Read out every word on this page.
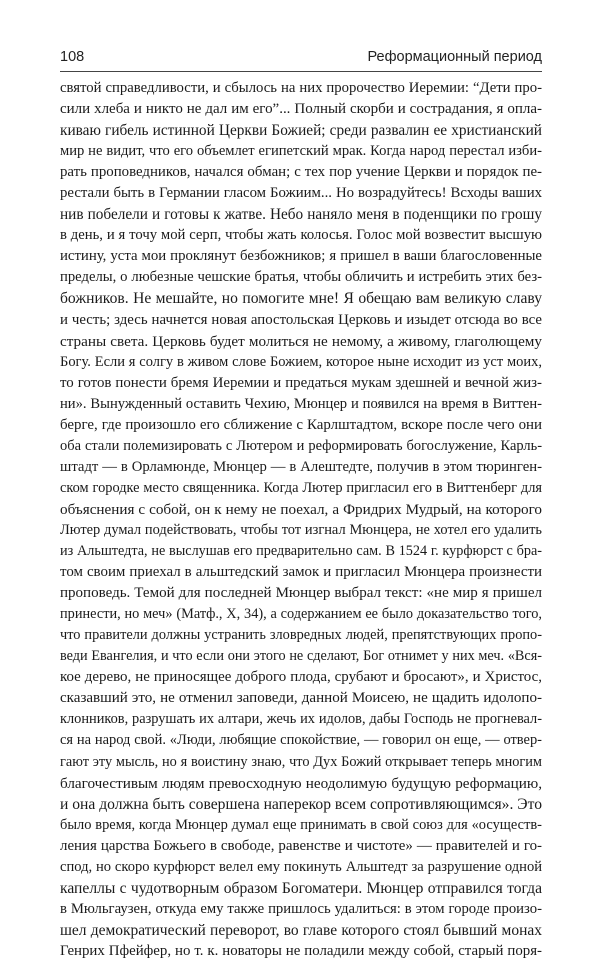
108	Реформационный период
святой справедливости, и сбылось на них пророчество Иеремии: “Дети про-
сили хлеба и никто не дал им его”... Полный скорби и сострадания, я опла-
киваю гибель истинной Церкви Божией; среди развалин ее христианский
мир не видит, что его объемлет египетский мрак. Когда народ перестал изби-
рать проповедников, начался обман; с тех пор учение Церкви и порядок пе-
рестали быть в Германии гласом Божиим... Но возрадуйтесь! Всходы ваших
нив побелели и готовы к жатве. Небо наняло меня в поденщики по грошу
в день, и я точу мой серп, чтобы жать колосья. Голос мой возвестит высшую
истину, уста мои проклянут безбожников; я пришел в ваши благословенные
пределы, о любезные чешские братья, чтобы обличить и истребить этих без-
божников. Не мешайте, но помогите мне! Я обещаю вам великую славу
и честь; здесь начнется новая апостольская Церковь и изыдет отсюда во все
страны света. Церковь будет молиться не немому, а живому, глаголющему
Богу. Если я солгу в живом слове Божием, которое ныне исходит из уст моих,
то готов понести бремя Иеремии и предаться мукам здешней и вечной жиз-
ни». Вынужденный оставить Чехию, Мюнцер и появился на время в Виттен-
берге, где произошло его сближение с Карлштадтом, вскоре после чего они
оба стали полемизировать с Лютером и реформировать богослужение, Карль-
штадт — в Орламюнде, Мюнцер — в Алештедте, получив в этом тюринген-
ском городке место священника. Когда Лютер пригласил его в Виттенберг для
объяснения с собой, он к нему не поехал, а Фридрих Мудрый, на которого
Лютер думал подействовать, чтобы тот изгнал Мюнцера, не хотел его удалить
из Альштедта, не выслушав его предварительно сам. В 1524 г. курфюрст с бра-
том своим приехал в альштедский замок и пригласил Мюнцера произнести
проповедь. Темой для последней Мюнцер выбрал текст: «не мир я пришел
принести, но меч» (Матф., X, 34), а содержанием ее было доказательство того,
что правители должны устранить зловредных людей, препятствующих пропо-
веди Евангелия, и что если они этого не сделают, Бог отнимет у них меч. «Вся-
кое дерево, не приносящее доброго плода, срубают и бросают», и Христос,
сказавший это, не отменил заповеди, данной Моисею, не щадить идолопо-
клонников, разрушать их алтари, жечь их идолов, дабы Господь не прогневал-
ся на народ свой. «Люди, любящие спокойствие, — говорил он еще, — отвер-
гают эту мысль, но я воистину знаю, что Дух Божий открывает теперь многим
благочестивым людям превосходную неодолимую будущую реформацию,
и она должна быть совершена наперекор всем сопротивляющимся». Это
было время, когда Мюнцер думал еще принимать в свой союз для «осуществ-
ления царства Божьего в свободе, равенстве и чистоте» — правителей и го-
спод, но скоро курфюрст велел ему покинуть Альштедт за разрушение одной
капеллы с чудотворным образом Богоматери. Мюнцер отправился тогда
в Мюльгаузен, откуда ему также пришлось удалиться: в этом городе произо-
шел демократический переворот, во главе которого стоял бывший монах
Генрих Пфейфер, но т. к. новаторы не поладили между собой, старый поря-
